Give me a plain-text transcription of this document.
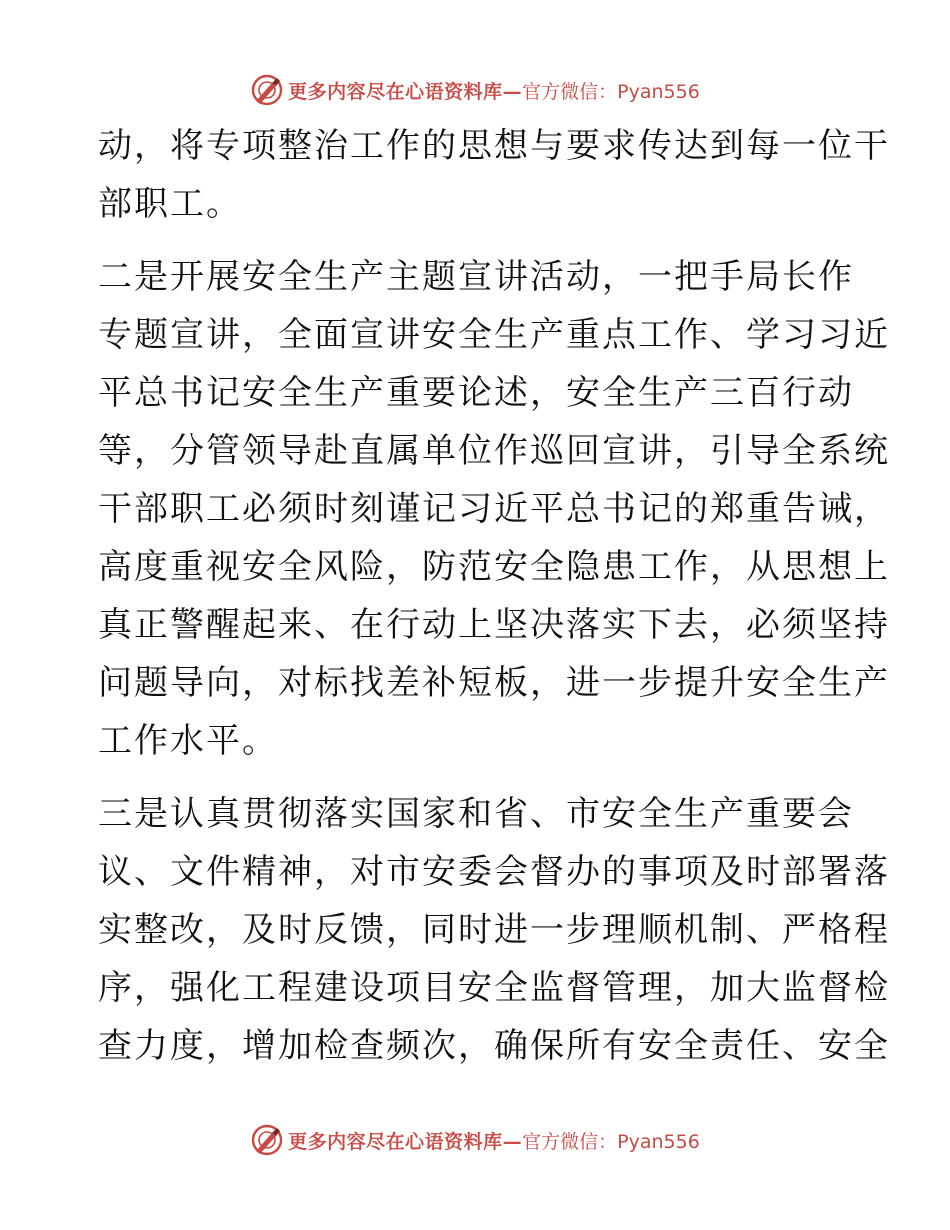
更多内容尽在心语资料库— 官方微信：Pyan556
动，将专项整治工作的思想与要求传达到每一位干
部职工。
二是开展安全生产主题宣讲活动，一把手局长作
专题宣讲，全面宣讲安全生产重点工作、学习习近
平总书记安全生产重要论述，安全生产三百行动
等，分管领导赴直属单位作巡回宣讲，引导全系统
干部职工必须时刻谨记习近平总书记的郑重告诫，
高度重视安全风险，防范安全隐患工作，从思想上
真正警醒起来、在行动上坚决落实下去，必须坚持
问题导向，对标找差补短板，进一步提升安全生产
工作水平。
三是认真贯彻落实国家和省、市安全生产重要会
议、文件精神，对市安委会督办的事项及时部署落
实整改，及时反馈，同时进一步理顺机制、严格程
序，强化工程建设项目安全监督管理，加大监督检
查力度，增加检查频次，确保所有安全责任、安全
更多内容尽在心语资料库— 官方微信：Pyan556
